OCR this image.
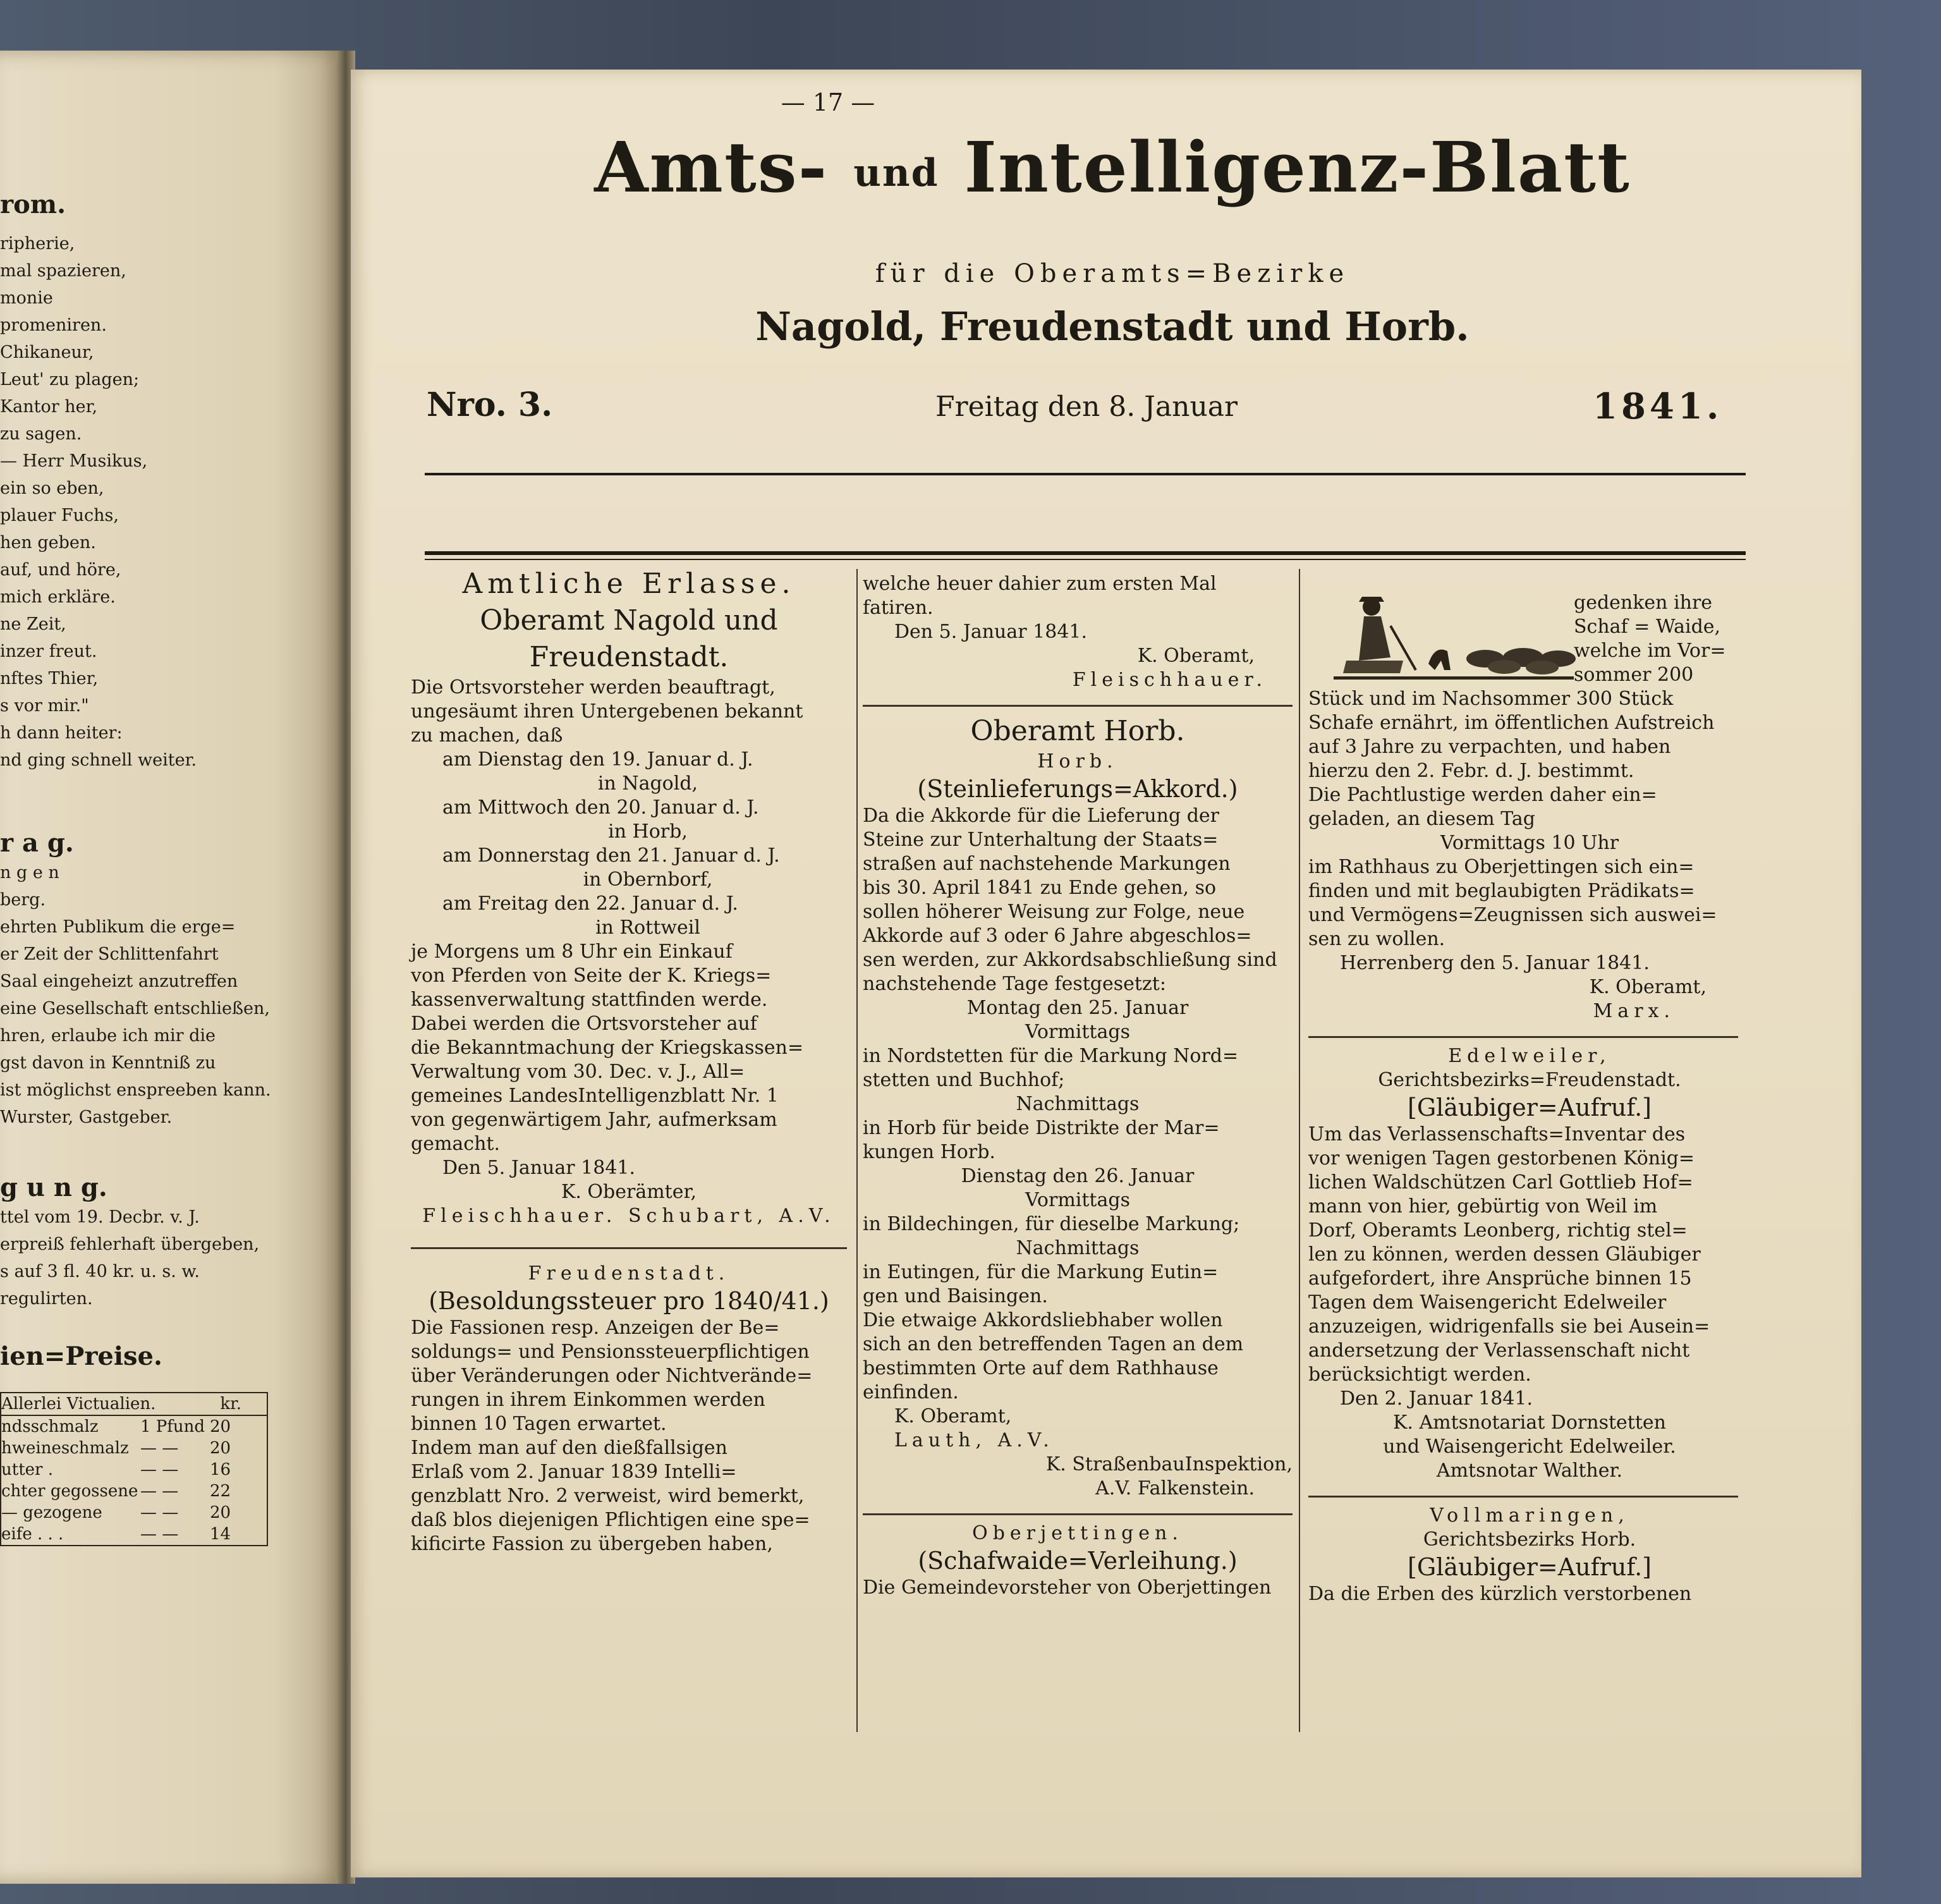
rom.
ripherie,
mal spazieren,
monie
promeniren.
Chikaneur,
Leut' zu plagen;
Kantor her,
zu sagen.
— Herr Musikus,
ein so eben,
plauer Fuchs,
hen geben.
auf, und höre,
mich erkläre.
ne Zeit,
inzer freut.
nftes Thier,
s vor mir."
h dann heiter:
nd ging schnell weiter.
r a g.
n g e n
berg.
ehrten Publikum die erge=
er Zeit der Schlittenfahrt
Saal eingeheizt anzutreffen
eine Gesellschaft entschließen,
hren, erlaube ich mir die
gst davon in Kenntniß zu
ist möglichst enspreeben kann.
Wurster, Gastgeber.
g u n g.
ttel vom 19. Decbr. v. J.
erpreiß fehlerhaft übergeben,
s auf 3 fl. 40 kr. u. s. w.
regulirten.
ien=Preise.
Allerlei Victualien.	kr.
ndsschmalz	1 Pfund 20
hweineschmalz — —	20
utter .	— —	16
chter gegossene — —	22
— gezogene	— —	20
eife . . .	— —	14
— 17 —
Amts- und Intelligenz-Blatt
für die Oberamts=Bezirke
Nagold, Freudenstadt und Horb.
Nro. 3.	Freitag den 8. Januar	1841.

Amtliche Erlasse.

Oberamt Nagold und

Freudenstadt.

Die Ortsvorsteher werden beauftragt,

ungesäumt ihren Untergebenen bekannt

zu machen, daß

am Dienstag den 19. Januar d. J.

in Nagold,

am Mittwoch den 20. Januar d. J.

in Horb,

am Donnerstag den 21. Januar d. J.

in Obernborf,

am Freitag den 22. Januar d. J.

in Rottweil

je Morgens um 8 Uhr ein Einkauf

von Pferden von Seite der K. Kriegs=

kassenverwaltung stattfinden werde.

Dabei werden die Ortsvorsteher auf

die Bekanntmachung der Kriegskassen=

Verwaltung vom 30. Dec. v. J., All=

gemeines LandesIntelligenzblatt Nr. 1

von gegenwärtigem Jahr, aufmerksam

gemacht.

Den 5. Januar 1841.

K. Oberämter,

Fleischhauer. Schubart, A.V.

Freudenstadt.

(Besoldungssteuer pro 1840/41.)

Die Fassionen resp. Anzeigen der Be=

soldungs= und Pensionssteuerpflichtigen

über Veränderungen oder Nichtverände=

rungen in ihrem Einkommen werden

binnen 10 Tagen erwartet.

Indem man auf den dießfallsigen

Erlaß vom 2. Januar 1839 Intelli=

genzblatt Nro. 2 verweist, wird bemerkt,

daß blos diejenigen Pflichtigen eine spe=

kificirte Fassion zu übergeben haben,

welche heuer dahier zum ersten Mal

fatiren.

Den 5. Januar 1841.

K. Oberamt,

Fleischhauer.

Oberamt Horb.

Horb.

(Steinlieferungs=Akkord.)

Da die Akkorde für die Lieferung der

Steine zur Unterhaltung der Staats=

straßen auf nachstehende Markungen

bis 30. April 1841 zu Ende gehen, so

sollen höherer Weisung zur Folge, neue

Akkorde auf 3 oder 6 Jahre abgeschlos=

sen werden, zur Akkordsabschließung sind

nachstehende Tage festgesetzt:

Montag den 25. Januar

Vormittags

in Nordstetten für die Markung Nord=

stetten und Buchhof;

Nachmittags

in Horb für beide Distrikte der Mar=

kungen Horb.

Dienstag den 26. Januar

Vormittags

in Bildechingen, für dieselbe Markung;

Nachmittags

in Eutingen, für die Markung Eutin=

gen und Baisingen.

Die etwaige Akkordsliebhaber wollen

sich an den betreffenden Tagen an dem

bestimmten Orte auf dem Rathhause

einfinden.

K. Oberamt,

Lauth, A.V.

K. StraßenbauInspektion,

A.V. Falkenstein.

Oberjettingen.

(Schafwaide=Verleihung.)

Die Gemeindevorsteher von Oberjettingen

gedenken ihre

Schaf = Waide,

welche im Vor=

sommer 200

Stück und im Nachsommer 300 Stück

Schafe ernährt, im öffentlichen Aufstreich

auf 3 Jahre zu verpachten, und haben

hierzu den 2. Febr. d. J. bestimmt.

Die Pachtlustige werden daher ein=

geladen, an diesem Tag

Vormittags 10 Uhr

im Rathhaus zu Oberjettingen sich ein=

finden und mit beglaubigten Prädikats=

und Vermögens=Zeugnissen sich auswei=

sen zu wollen.

Herrenberg den 5. Januar 1841.

K. Oberamt,

Marx.

Edelweiler,

Gerichtsbezirks=Freudenstadt.

[Gläubiger=Aufruf.]

Um das Verlassenschafts=Inventar des

vor wenigen Tagen gestorbenen König=

lichen Waldschützen Carl Gottlieb Hof=

mann von hier, gebürtig von Weil im

Dorf, Oberamts Leonberg, richtig stel=

len zu können, werden dessen Gläubiger

aufgefordert, ihre Ansprüche binnen 15

Tagen dem Waisengericht Edelweiler

anzuzeigen, widrigenfalls sie bei Ausein=

andersetzung der Verlassenschaft nicht

berücksichtigt werden.

Den 2. Januar 1841.

K. Amtsnotariat Dornstetten

und Waisengericht Edelweiler.

Amtsnotar Walther.

Vollmaringen,

Gerichtsbezirks Horb.

[Gläubiger=Aufruf.]

Da die Erben des kürzlich verstorbenen
